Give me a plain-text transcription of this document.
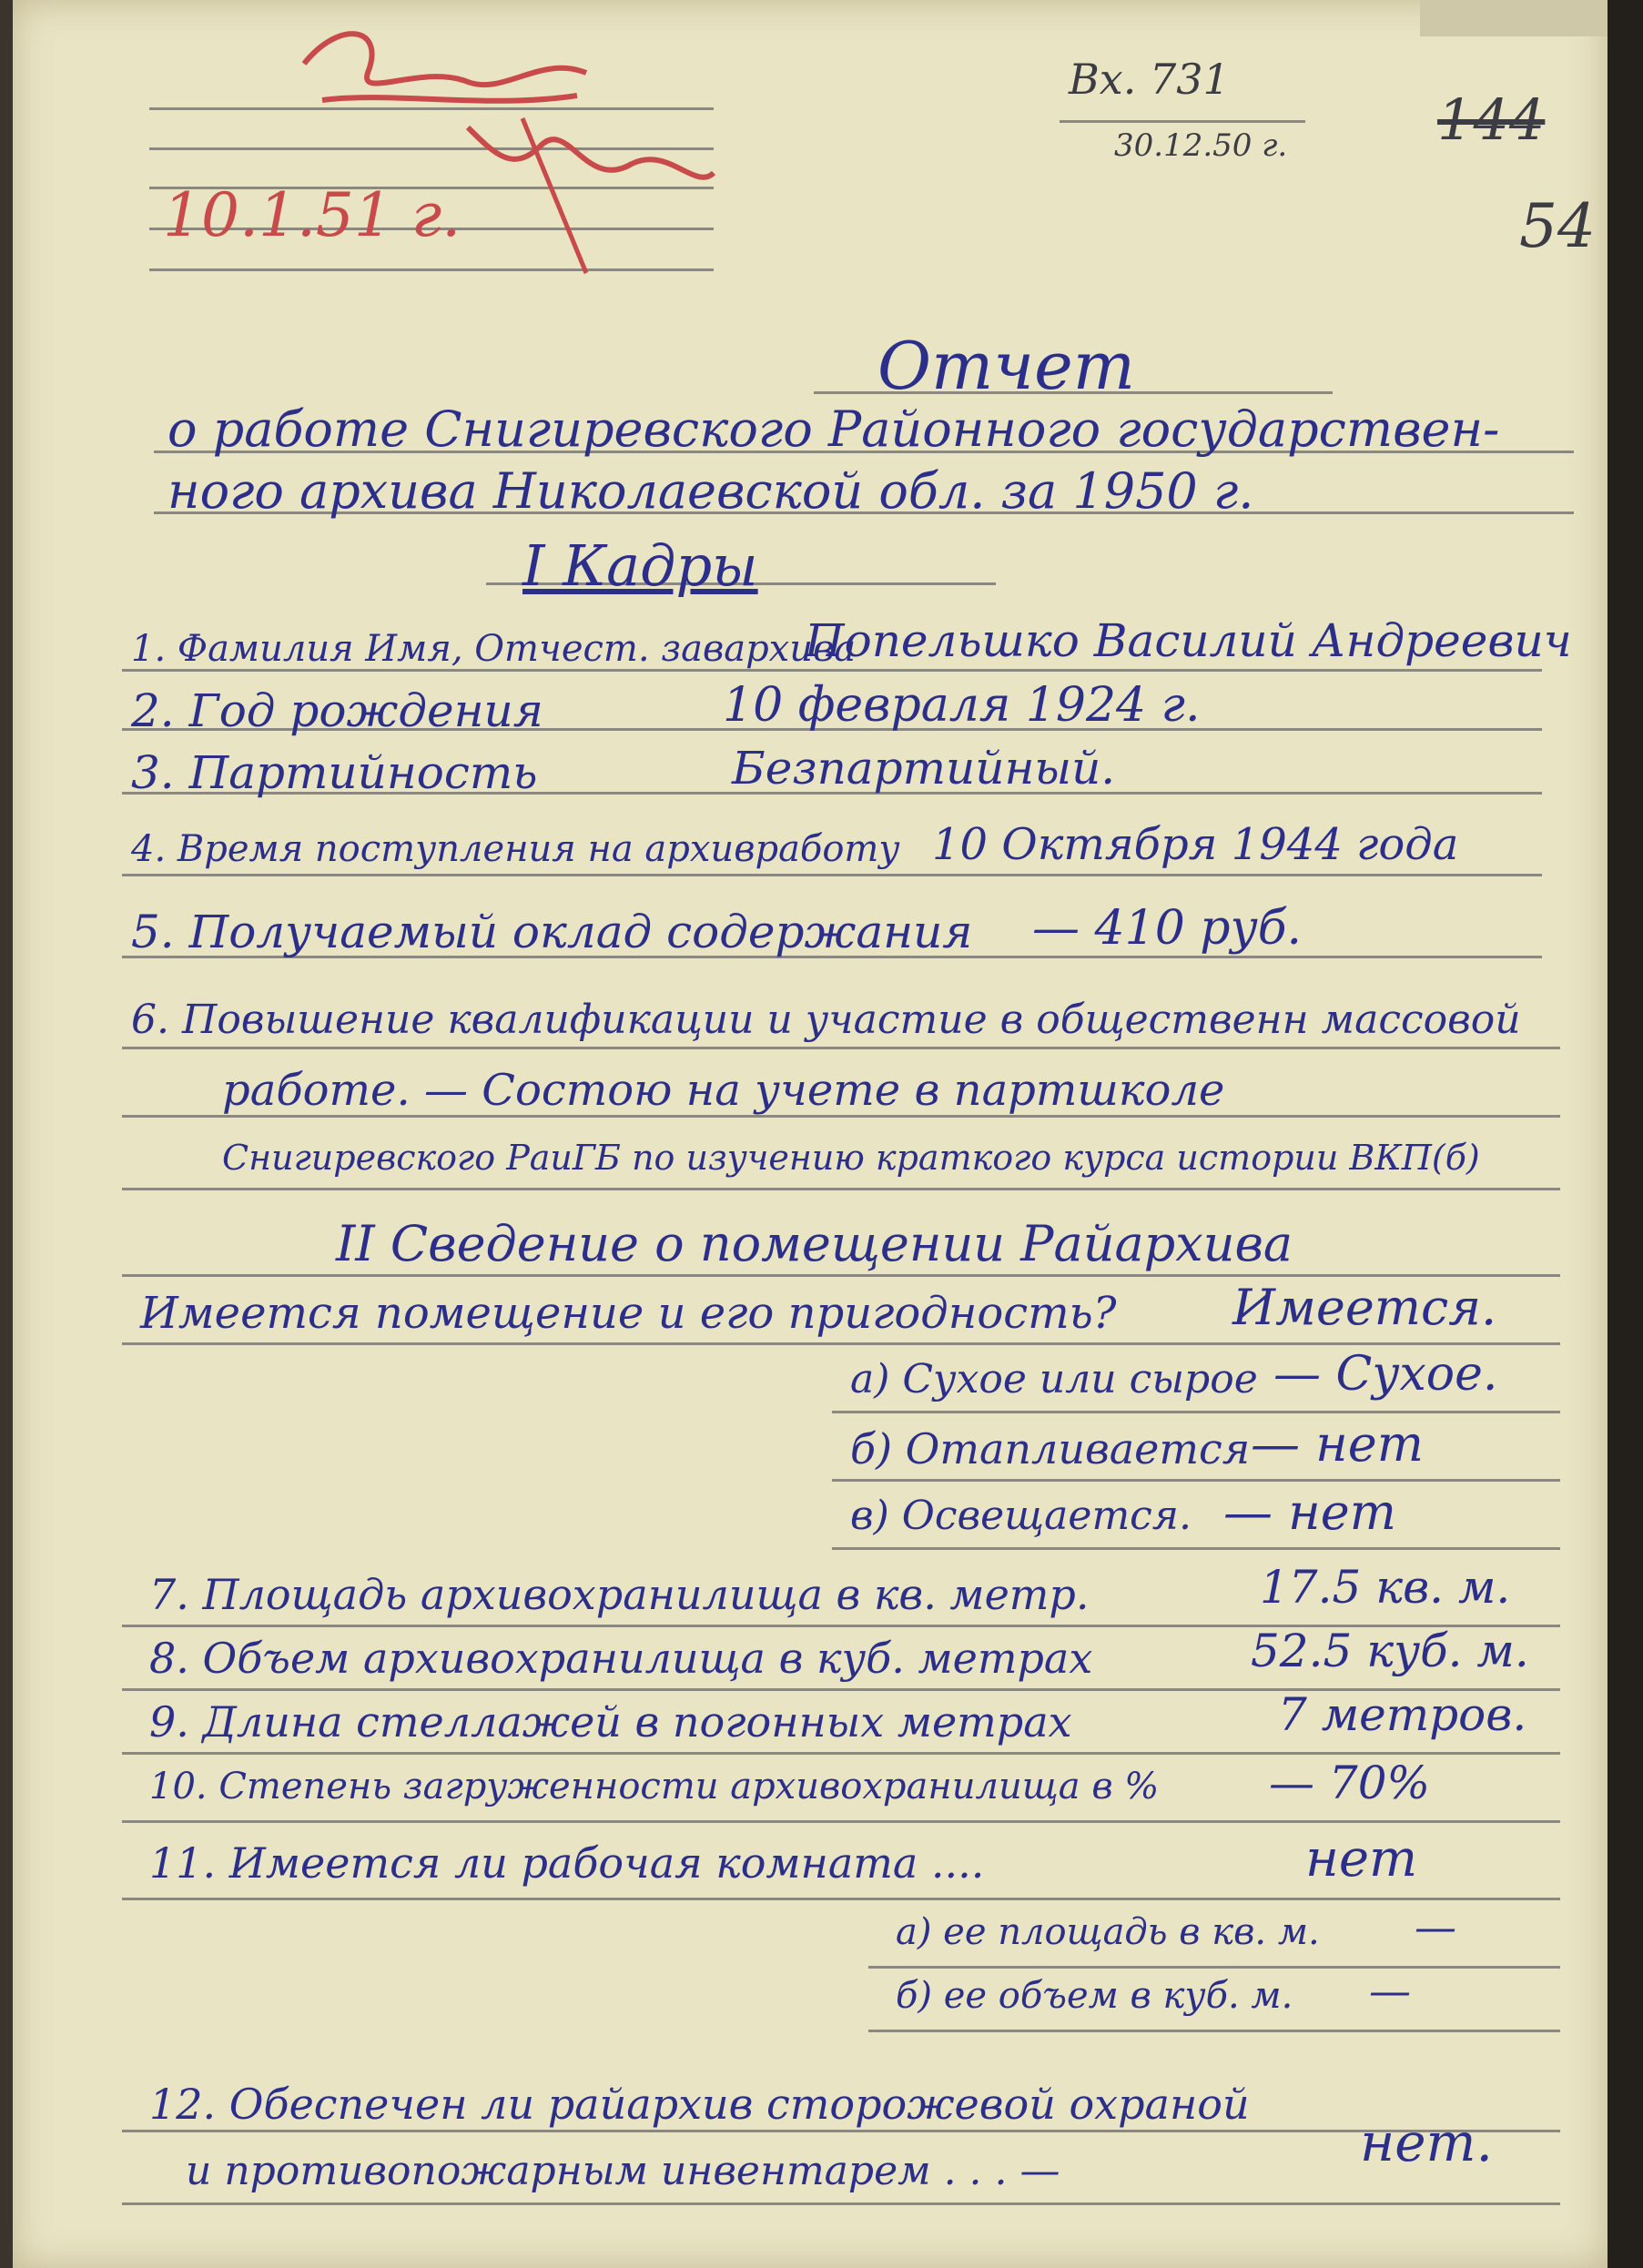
10.1.51 г.
Вх. 731
30.12.50 г.	144
54
Отчет
о работе Снигиревского Районного государствен-
ного архива Николаевской обл. за 1950 г.
I Кадры
1. Фамилия Имя, Отчест. заварxива
Попельшко Василий Андреевич
2. Год рождения	10 февраля 1924 г.
3. Партийность	Безпартийный.
4. Время поступления на архивработу 10 Октября 1944 года
5. Получаемый оклад содержания — 410 руб.
6. Повышение квалификации и участие в общественн массовой
работе. — Состою на учете в партшколе
Снигиревского РаиГБ по изучению краткого курса истории ВКП(б)
II Сведение о помещении Райархива
Имеется помещение и его пригодность? Имеется.
а) Сухое или сырое — Сухое.
б) Отапливается — нет
в) Освещается. — нет
7. Площадь архивохранилища в кв. метр.	17.5 кв. м.
8. Объем архивохранилища в куб. метрах	52.5 куб. м.
9. Длина стеллажей в погонных метрах	7 метров.
10. Степень загруженности архивохранилища в % — 70%
11. Имеется ли рабочая комната ....	нет
а) ее площадь в кв. м. —
б) ее объем в куб. м. —
12. Обеспечен ли райархив сторожевой охраной
и противопожарным инвентарем . . . —	нет.
